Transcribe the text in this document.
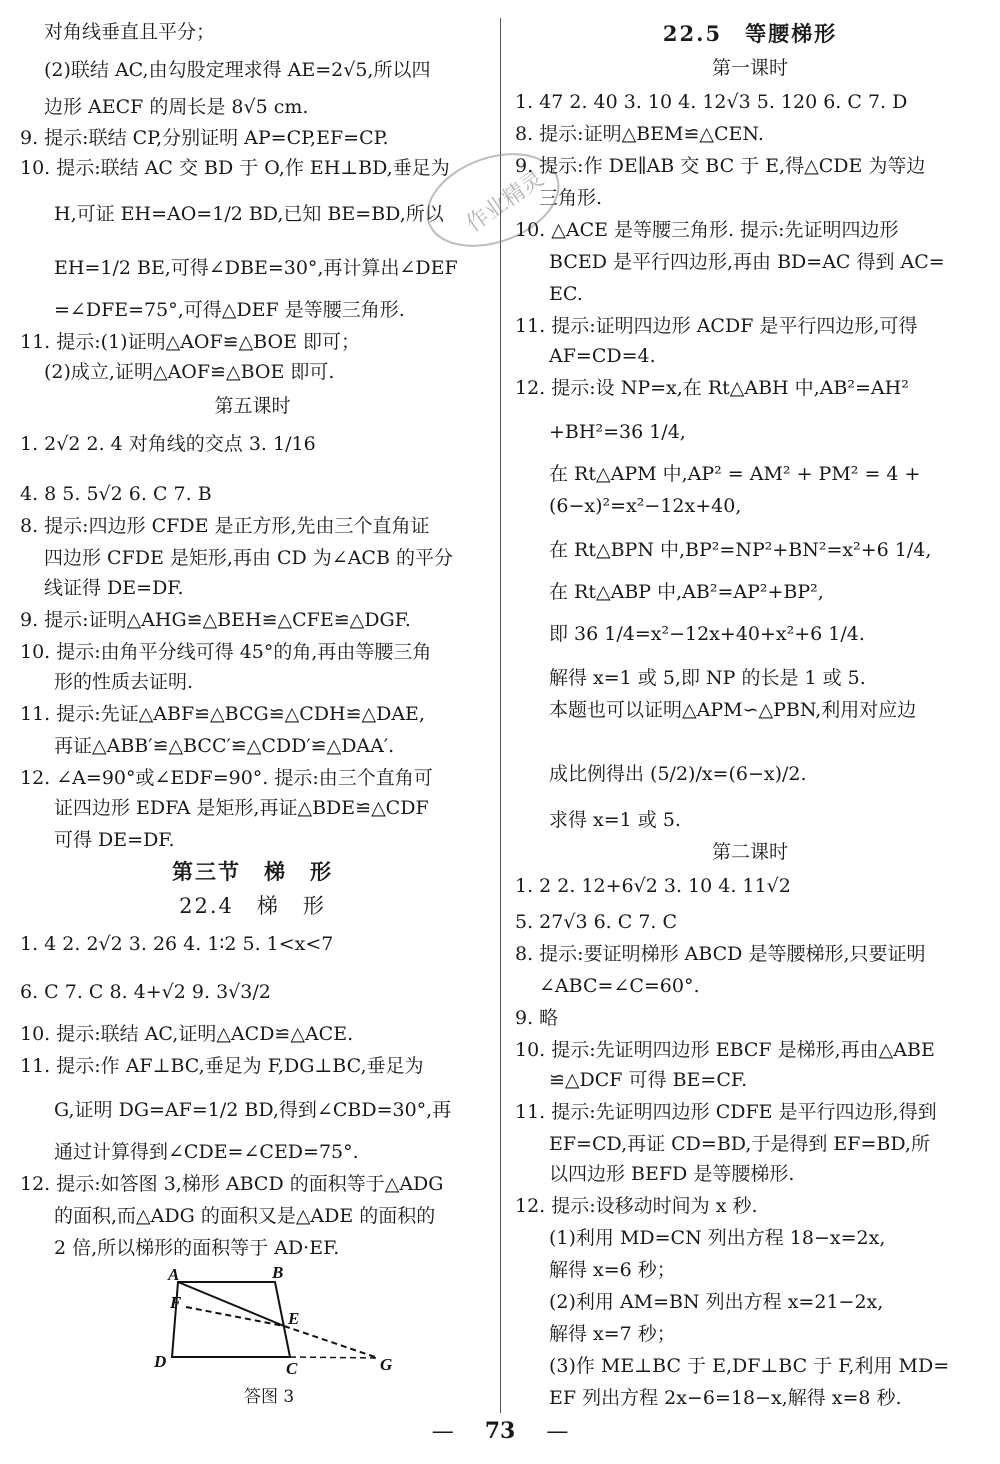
对角线垂直且平分；
(2)联结 AC,由勾股定理求得 AE=2√5,所以四
边形 AECF 的周长是 8√5 cm.
9. 提示:联结 CP,分别证明 AP=CP,EF=CP.
10. 提示:联结 AC 交 BD 于 O,作 EH⊥BD,垂足为
H,可证 EH=AO=1/2 BD,已知 BE=BD,所以
EH=1/2 BE,可得∠DBE=30°,再计算出∠DEF
=∠DFE=75°,可得△DEF 是等腰三角形.
11. 提示:(1)证明△AOF≌△BOE 即可；
(2)成立,证明△AOF≌△BOE 即可.
第五课时
1. 2√2 2. 4 对角线的交点 3. 1/16
4. 8 5. 5√2 6. C 7. B
8. 提示:四边形 CFDE 是正方形,先由三个直角证
四边形 CFDE 是矩形,再由 CD 为∠ACB 的平分
线证得 DE=DF.
9. 提示:证明△AHG≌△BEH≌△CFE≌△DGF.
10. 提示:由角平分线可得 45°的角,再由等腰三角
形的性质去证明.
11. 提示:先证△ABF≌△BCG≌△CDH≌△DAE,
再证△ABB′≌△BCC′≌△CDD′≌△DAA′.
12. ∠A=90°或∠EDF=90°. 提示:由三个直角可
证四边形 EDFA 是矩形,再证△BDE≌△CDF
可得 DE=DF.
第三节　梯　形
22.4　梯　形
1. 4 2. 2√2 3. 26 4. 1∶2 5. 1<x<7
6. C 7. C 8. 4+√2 9. 3√3/2
10. 提示:联结 AC,证明△ACD≌△ACE.
11. 提示:作 AF⊥BC,垂足为 F,DG⊥BC,垂足为
G,证明 DG=AF=1/2 BD,得到∠CBD=30°,再
通过计算得到∠CDE=∠CED=75°.
12. 提示:如答图 3,梯形 ABCD 的面积等于△ADG
的面积,而△ADG 的面积又是△ADE 的面积的
2 倍,所以梯形的面积等于 AD·EF.
A	B
C
D
E
F
G
答图 3
作业精灵
22.5　等腰梯形
第一课时
1. 47 2. 40 3. 10 4. 12√3 5. 120 6. C 7. D
8. 提示:证明△BEM≌△CEN.
9. 提示:作 DE∥AB 交 BC 于 E,得△CDE 为等边
三角形.
10. △ACE 是等腰三角形. 提示:先证明四边形
BCED 是平行四边形,再由 BD=AC 得到 AC=
EC.
11. 提示:证明四边形 ACDF 是平行四边形,可得
AF=CD=4.
12. 提示:设 NP=x,在 Rt△ABH 中,AB²=AH²
+BH²=36 1/4,
在 Rt△APM 中,AP² = AM² + PM² = 4 +
(6−x)²=x²−12x+40,
在 Rt△BPN 中,BP²=NP²+BN²=x²+6 1/4,
在 Rt△ABP 中,AB²=AP²+BP²,
即 36 1/4=x²−12x+40+x²+6 1/4.
解得 x=1 或 5,即 NP 的长是 1 或 5.
本题也可以证明△APM∽△PBN,利用对应边
成比例得出 (5/2)/x=(6−x)/2.
求得 x=1 或 5.
第二课时
1. 2 2. 12+6√2 3. 10 4. 11√2
5. 27√3 6. C 7. C
8. 提示:要证明梯形 ABCD 是等腰梯形,只要证明
∠ABC=∠C=60°.
9. 略
10. 提示:先证明四边形 EBCF 是梯形,再由△ABE
≌△DCF 可得 BE=CF.
11. 提示:先证明四边形 CDFE 是平行四边形,得到
EF=CD,再证 CD=BD,于是得到 EF=BD,所
以四边形 BEFD 是等腰梯形.
12. 提示:设移动时间为 x 秒.
(1)利用 MD=CN 列出方程 18−x=2x,
解得 x=6 秒；
(2)利用 AM=BN 列出方程 x=21−2x,
解得 x=7 秒；
(3)作 ME⊥BC 于 E,DF⊥BC 于 F,利用 MD=
EF 列出方程 2x−6=18−x,解得 x=8 秒.
— 73 —
